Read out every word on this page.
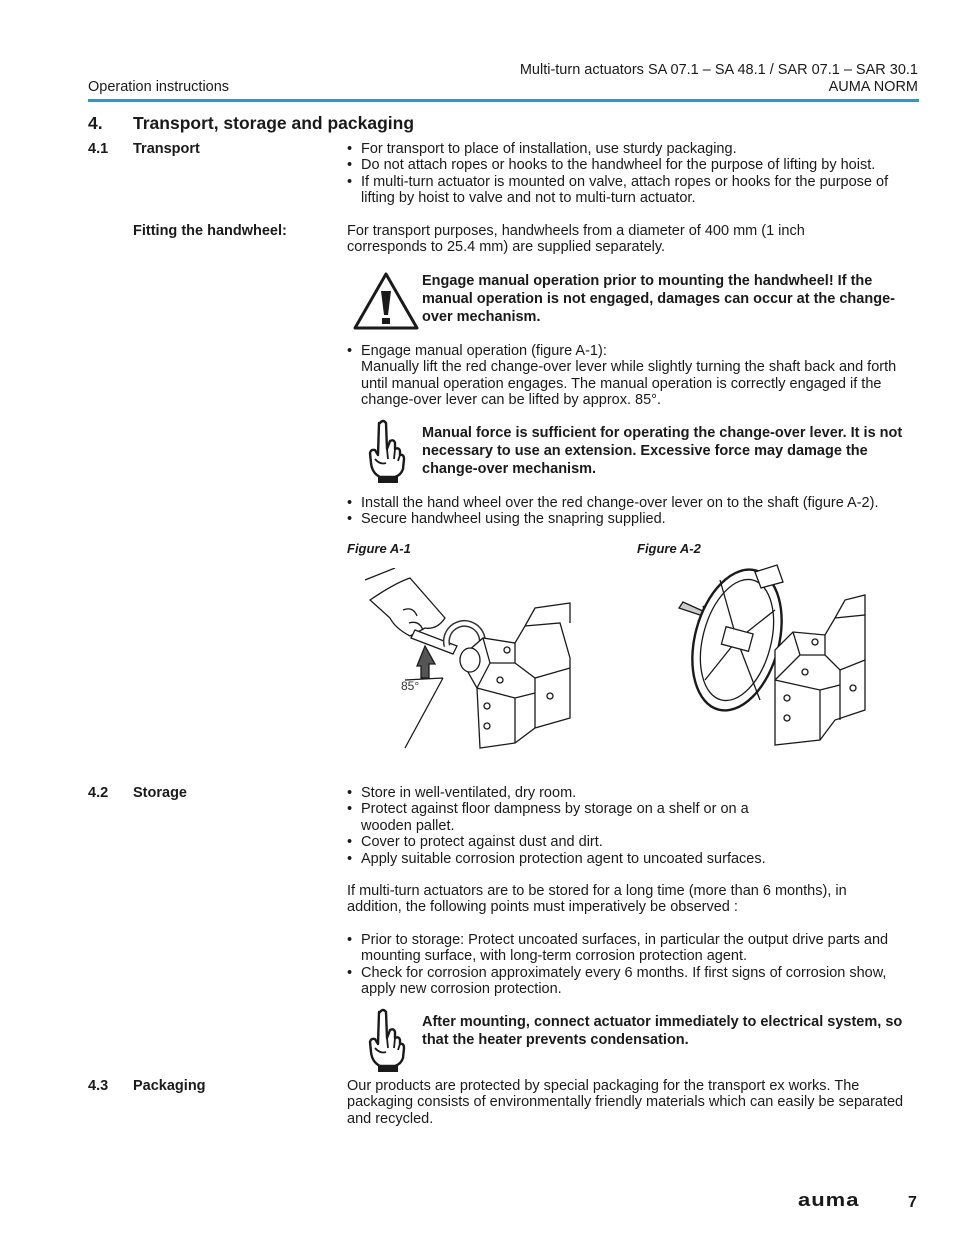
Operation instructions
Multi-turn actuators SA 07.1 – SA 48.1 / SAR 07.1 – SAR 30.1
AUMA NORM
4. Transport, storage and packaging
4.1 Transport	• For transport to place of installation, use sturdy packaging.

• Do not attach ropes or hooks to the handwheel for the purpose of lifting by hoist.

• If multi-turn actuator is mounted on valve, attach ropes or hooks for the purpose of lifting by hoist to valve and not to multi-turn actuator.

Fitting the handwheel:	For transport purposes, handwheels from a diameter of 400 mm (1 inch corresponds to 25.4 mm) are supplied separately.
Engage manual operation prior to mounting the handwheel! If the manual operation is not engaged, damages can occur at the change-over mechanism.

• Engage manual operation (figure A-1):

Manually lift the red change-over lever while slightly turning the shaft back and forth until manual operation engages. The manual operation is correctly engaged if the change-over lever can be lifted by approx. 85°.

Manual force is sufficient for operating the change-over lever. It is not necessary to use an extension. Excessive force may damage the change-over mechanism.

• Install the hand wheel over the red change-over lever on to the shaft (figure A-2).

• Secure handwheel using the snapring supplied.

Figure A-1	Figure A-2
85°
4.2 Storage	• Store in well-ventilated, dry room.

• Protect against floor dampness by storage on a shelf or on a wooden pallet.

• Cover to protect against dust and dirt.

• Apply suitable corrosion protection agent to uncoated surfaces.

If multi-turn actuators are to be stored for a long time (more than 6 months), in addition, the following points must imperatively be observed :

• Prior to storage: Protect uncoated surfaces, in particular the output drive parts and mounting surface, with long-term corrosion protection agent.

• Check for corrosion approximately every 6 months. If first signs of corrosion show, apply new corrosion protection.

After mounting, connect actuator immediately to electrical system, so that the heater prevents condensation.
4.3 Packaging	Our products are protected by special packaging for the transport ex works. The packaging consists of environmentally friendly materials which can easily be separated and recycled.
auma	7
